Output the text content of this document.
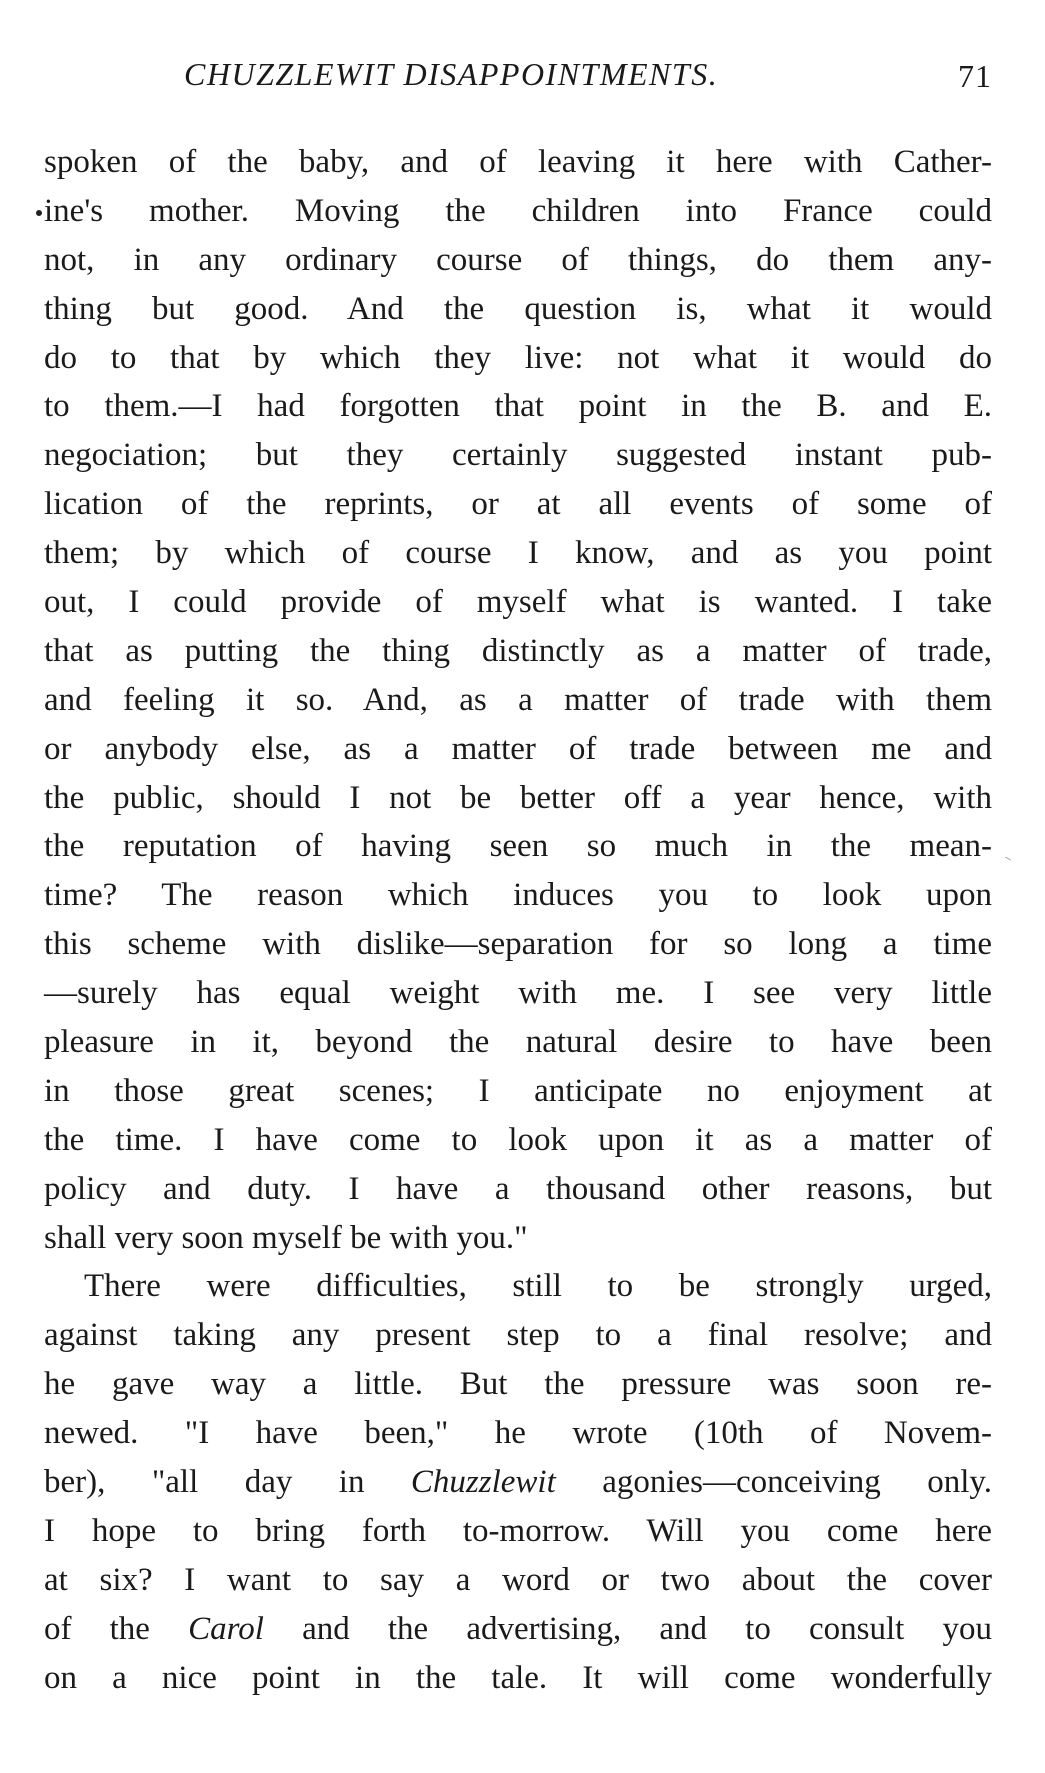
CHUZZLEWIT DISAPPOINTMENTS.	71
spoken of the baby, and of leaving it here with Cather-
ine's mother. Moving the children into France could
not, in any ordinary course of things, do them any-
thing but good. And the question is, what it would
do to that by which they live: not what it would do
to them.—I had forgotten that point in the B. and E.
negociation; but they certainly suggested instant pub-
lication of the reprints, or at all events of some of
them; by which of course I know, and as you point
out, I could provide of myself what is wanted. I take
that as putting the thing distinctly as a matter of trade,
and feeling it so. And, as a matter of trade with them
or anybody else, as a matter of trade between me and
the public, should I not be better off a year hence, with
the reputation of having seen so much in the mean-
time? The reason which induces you to look upon
this scheme with dislike—separation for so long a time
—surely has equal weight with me. I see very little
pleasure in it, beyond the natural desire to have been
in those great scenes; I anticipate no enjoyment at
the time. I have come to look upon it as a matter of
policy and duty. I have a thousand other reasons, but
shall very soon myself be with you."
There were difficulties, still to be strongly urged,
against taking any present step to a final resolve; and
he gave way a little. But the pressure was soon re-
newed. "I have been," he wrote (10th of Novem-
ber), "all day in Chuzzlewit agonies—conceiving only.
I hope to bring forth to-morrow. Will you come here
at six? I want to say a word or two about the cover
of the Carol and the advertising, and to consult you
on a nice point in the tale. It will come wonderfully
